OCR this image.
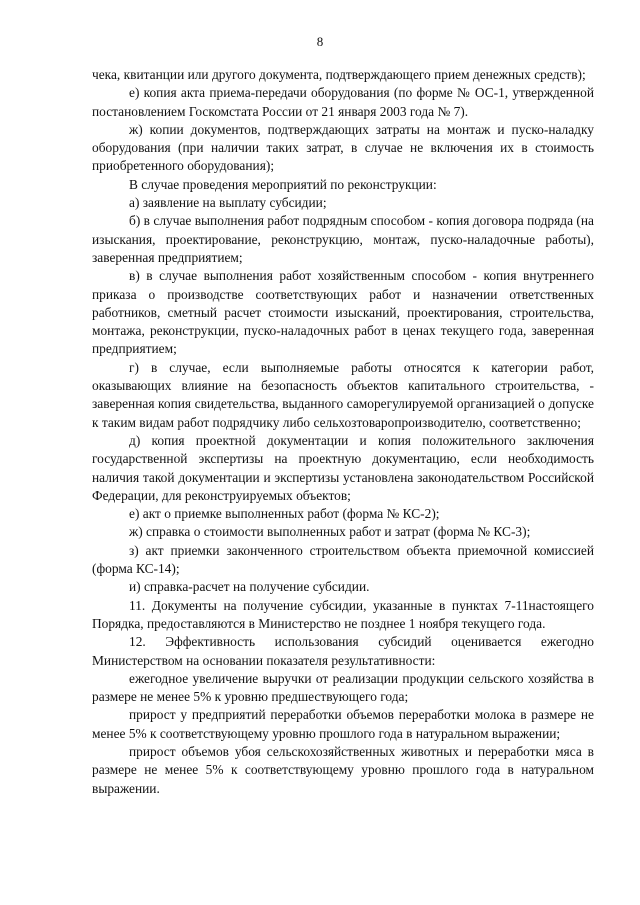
8

чека, квитанции или другого документа, подтверждающего прием денежных средств);

е) копия акта приема-передачи оборудования (по форме № ОС-1, утвержденной постановлением Госкомстата России от 21 января 2003 года № 7).

ж) копии документов, подтверждающих затраты на монтаж и пуско-наладку оборудования (при наличии таких затрат, в случае не включения их в стоимость приобретенного оборудования);

В случае проведения мероприятий по реконструкции:

а) заявление на выплату субсидии;

б) в случае выполнения работ подрядным способом - копия договора подряда (на изыскания, проектирование, реконструкцию, монтаж, пуско-наладочные работы), заверенная предприятием;

в) в случае выполнения работ хозяйственным способом - копия внутреннего приказа о производстве соответствующих работ и назначении ответственных работников, сметный расчет стоимости изысканий, проектирования, строительства, монтажа, реконструкции, пуско-наладочных работ в ценах текущего года, заверенная предприятием;

г) в случае, если выполняемые работы относятся к категории работ, оказывающих влияние на безопасность объектов капитального строительства, - заверенная копия свидетельства, выданного саморегулируемой организацией о допуске к таким видам работ подрядчику либо сельхозтоваропроизводителю, соответственно;

д) копия проектной документации и копия положительного заключения государственной экспертизы на проектную документацию, если необходимость наличия такой документации и экспертизы установлена законодательством Российской Федерации, для реконструируемых объектов;

е) акт о приемке выполненных работ (форма № КС-2);

ж) справка о стоимости выполненных работ и затрат (форма № КС-3);

з) акт приемки законченного строительством объекта приемочной комиссией (форма КС-14);

и) справка-расчет на получение субсидии.

11. Документы на получение субсидии, указанные в пунктах 7-11настоящего Порядка, предоставляются в Министерство не позднее 1 ноября текущего года.

12. Эффективность использования субсидий оценивается ежегодно Министерством на основании показателя результативности:

ежегодное увеличение выручки от реализации продукции сельского хозяйства в размере не менее 5% к уровню предшествующего года;

прирост у предприятий переработки объемов переработки молока в размере не менее 5% к соответствующему уровню прошлого года в натуральном выражении;

прирост объемов убоя сельскохозяйственных животных и переработки мяса в размере не менее 5% к соответствующему уровню прошлого года в натуральном выражении.
